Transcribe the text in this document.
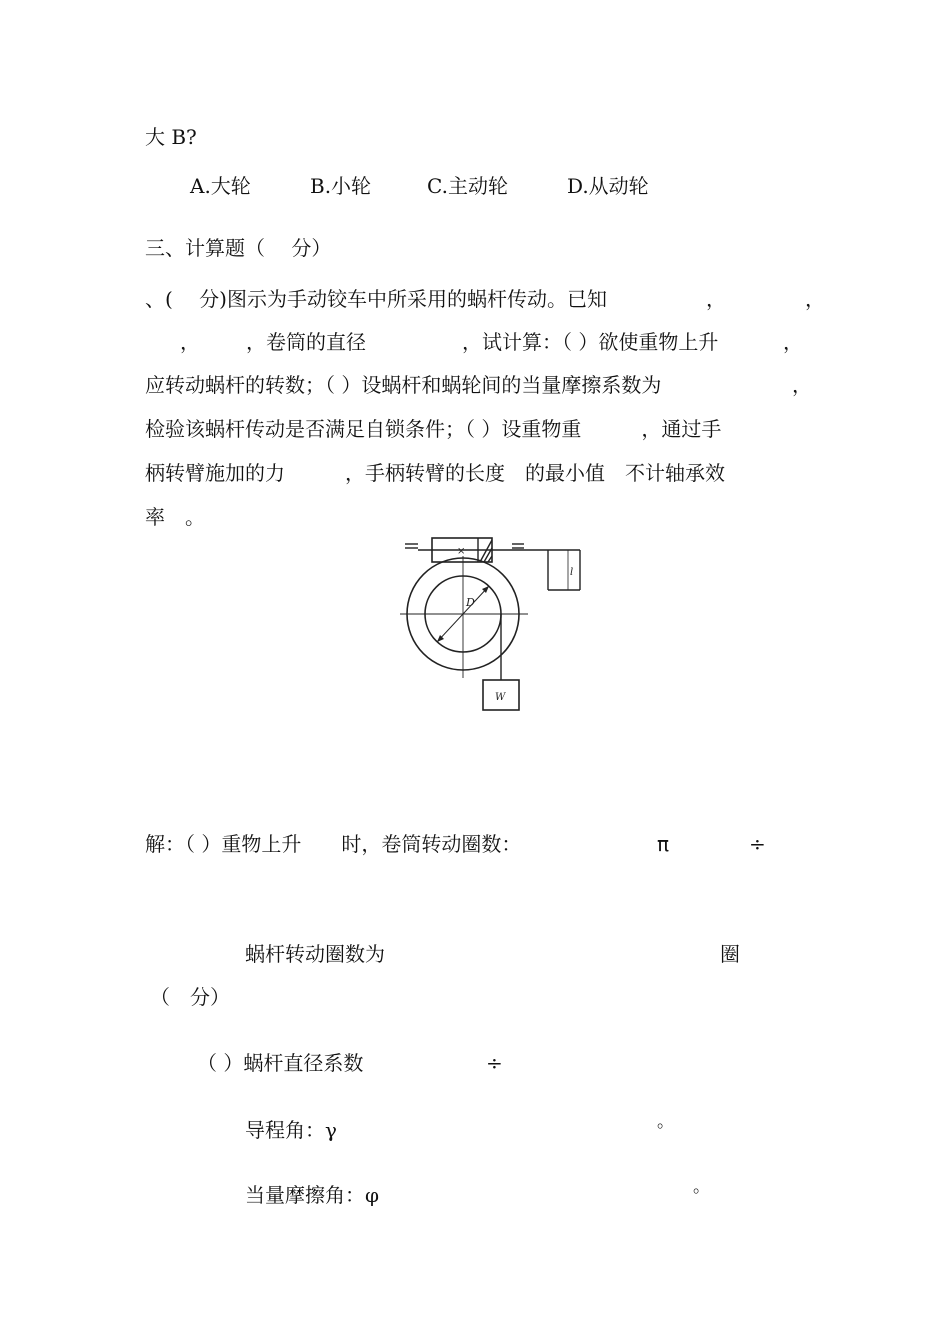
大 B?
A.大轮	B.小轮	C.主动轮	D.从动轮
三、计算题（　 分）
、(　 分)图示为手动铰车中所采用的蜗杆传动。已知	，	，
， ，卷筒的直径	，试计算：（ ）欲使重物上升	，
应转动蜗杆的转数；（ ）设蜗杆和蜗轮间的当量摩擦系数为	，
检验该蜗杆传动是否满足自锁条件；（ ）设重物重　　　，通过手
柄转臂施加的力　　　，手柄转臂的长度　的最小值　不计轴承效
率　。
×
D
l
W
解：（ ）重物上升　　时，卷筒转动圈数：	π	÷
蜗杆转动圈数为	圈
（　分）
（ ）蜗杆直径系数	÷
导程角：γ	。
当量摩擦角：φ	。
